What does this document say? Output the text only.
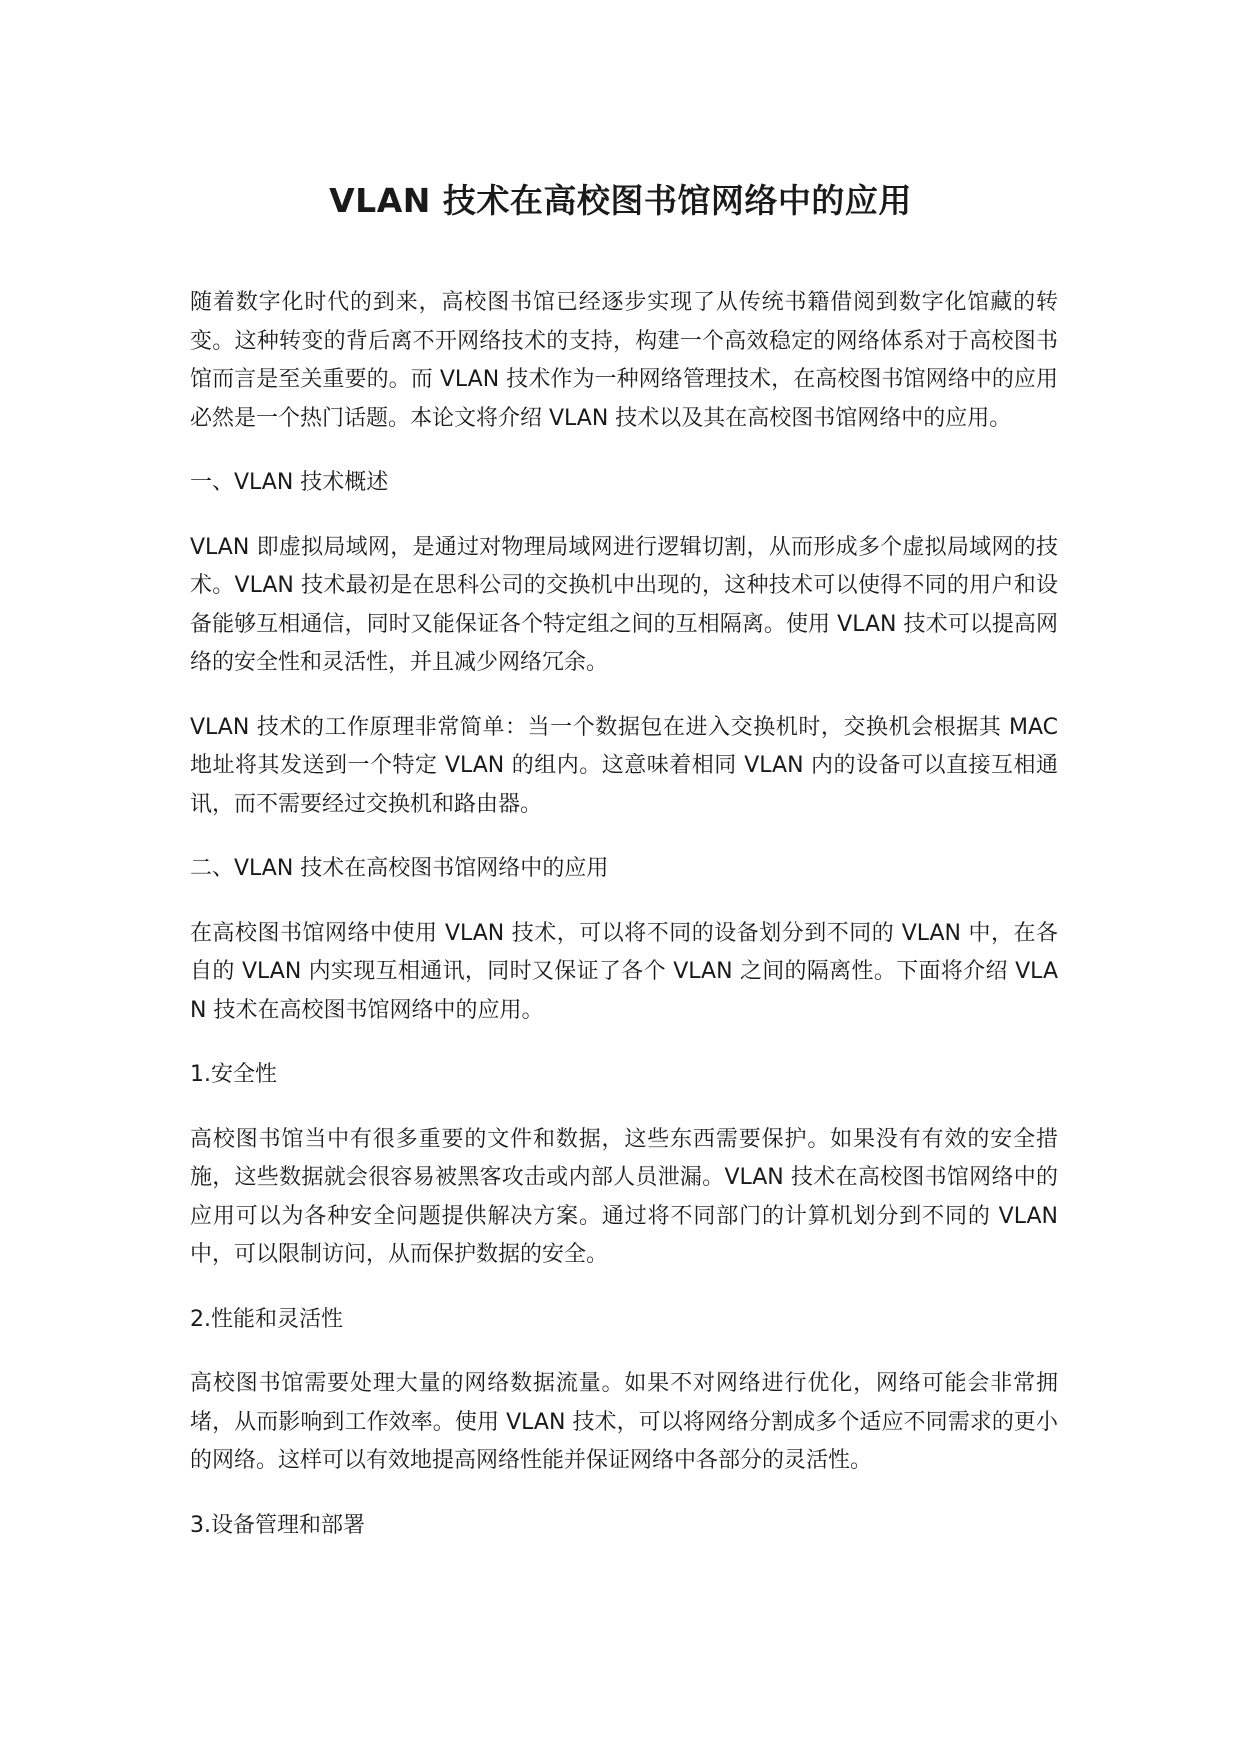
VLAN 技术在高校图书馆网络中的应用

随着数字化时代的到来，高校图书馆已经逐步实现了从传统书籍借阅到数字化馆藏的转变。这种转变的背后离不开网络技术的支持，构建一个高效稳定的网络体系对于高校图书馆而言是至关重要的。而 VLAN 技术作为一种网络管理技术，在高校图书馆网络中的应用必然是一个热门话题。本论文将介绍 VLAN 技术以及其在高校图书馆网络中的应用。

一、VLAN 技术概述

VLAN 即虚拟局域网，是通过对物理局域网进行逻辑切割，从而形成多个虚拟局域网的技术。VLAN 技术最初是在思科公司的交换机中出现的，这种技术可以使得不同的用户和设备能够互相通信，同时又能保证各个特定组之间的互相隔离。使用 VLAN 技术可以提高网络的安全性和灵活性，并且减少网络冗余。

VLAN 技术的工作原理非常简单：当一个数据包在进入交换机时，交换机会根据其 MAC 地址将其发送到一个特定 VLAN 的组内。这意味着相同 VLAN 内的设备可以直接互相通讯，而不需要经过交换机和路由器。

二、VLAN 技术在高校图书馆网络中的应用

在高校图书馆网络中使用 VLAN 技术，可以将不同的设备划分到不同的 VLAN 中，在各自的 VLAN 内实现互相通讯，同时又保证了各个 VLAN 之间的隔离性。下面将介绍 VLAN 技术在高校图书馆网络中的应用。

1.安全性

高校图书馆当中有很多重要的文件和数据，这些东西需要保护。如果没有有效的安全措施，这些数据就会很容易被黑客攻击或内部人员泄漏。VLAN 技术在高校图书馆网络中的应用可以为各种安全问题提供解决方案。通过将不同部门的计算机划分到不同的 VLAN 中，可以限制访问，从而保护数据的安全。

2.性能和灵活性

高校图书馆需要处理大量的网络数据流量。如果不对网络进行优化，网络可能会非常拥堵，从而影响到工作效率。使用 VLAN 技术，可以将网络分割成多个适应不同需求的更小的网络。这样可以有效地提高网络性能并保证网络中各部分的灵活性。

3.设备管理和部署
